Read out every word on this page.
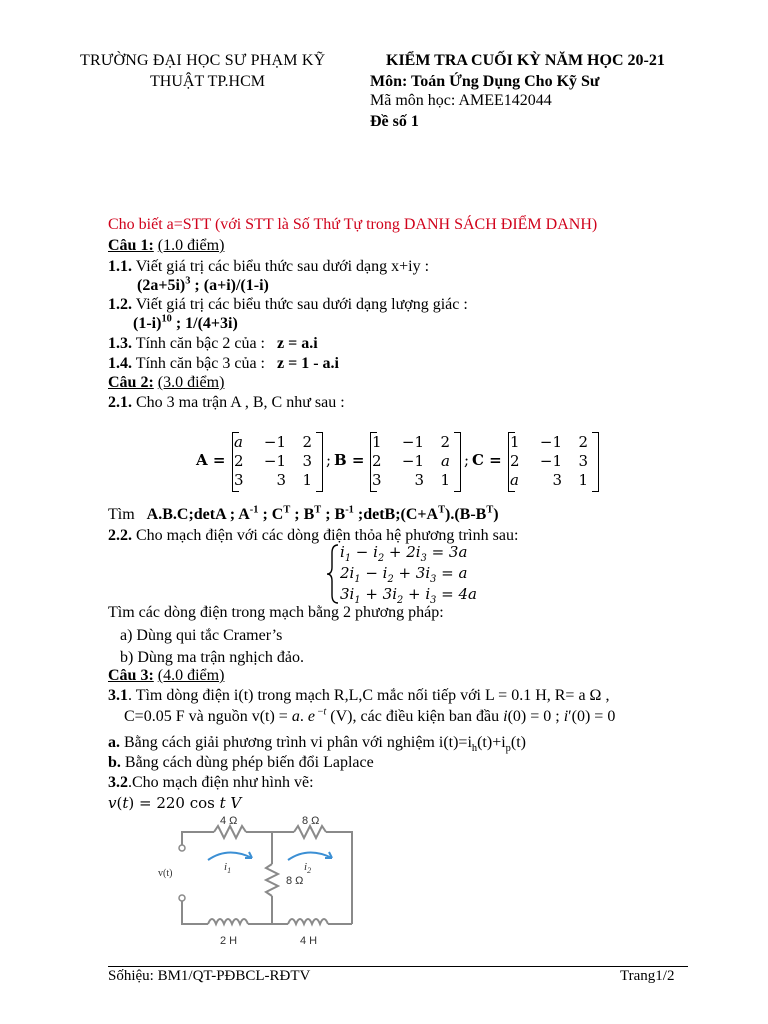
TRƯỜNG ĐẠI HỌC SƯ PHẠM KỸ
THUẬT TP.HCM
KIỂM TRA CUỐI KỲ NĂM HỌC 20-21
Môn: Toán Ứng Dụng Cho Kỹ Sư
Mã môn học: AMEE142044
Đề số 1
Cho biết a=STT (với STT là Số Thứ Tự trong DANH SÁCH ĐIỂM DANH)
Câu 1: (1.0 điểm)
1.1. Viết giá trị các biểu thức sau dưới dạng x+iy :
$(2a+5i)^3$ ; (a+i)/(1-i)
1.2. Viết giá trị các biểu thức sau dưới dạng lượng giác :
$(1-i)^{10}$ ; 1/(4+3i)
1.3. Tính căn bậc 2 của :   z = a.i
1.4. Tính căn bậc 3 của :   z = 1 - a.i
Câu 2: (3.0 điểm)
2.1. Cho 3 ma trận A , B, C như sau :
A =
a	−1	2
2	−1	3
3	3	1
; B =
1	−1	2
2	−1	a
3	3	1
; C =
1	−1	2
2	−1	3
a	3	1
Tìm A.B.C;detA ; $A^{-1}$ ; $C^T$ ; $B^T$ ; $B^{-1}$ $;\det B;(C+A^T).(B-B^T)$
2.2. Cho mạch điện với các dòng điện thỏa hệ phương trình sau:
$i_1 - i_2 + 2i_3 = 3a$
$2i_1 - i_2 + 3i_3 = a$
$3i_1 + 3i_2 + i_3 = 4a$
Tìm các dòng điện trong mạch bằng 2 phương pháp:
a) Dùng qui tắc Cramer’s
b) Dùng ma trận nghịch đảo.
Câu 3: (4.0 điểm)
3.1. Tìm dòng điện i(t) trong mạch R,L,C mắc nối tiếp với L = 0.1 H, R= a Ω ,
C=0.05 F và nguồn v(t) = a. e $^{-t}$ (V), các điều kiện ban đầu i(0) = 0 ; i′(0) = 0
a. Bằng cách giải phương trình vi phân với nghiệm $i(t)=i_h(t)+i_p(t)$
b. Bằng cách dùng phép biến đổi Laplace
3.2.Cho mạch điện như hình vẽ:
v(t) = 220 cos t V
4 Ω	8 Ω
8 Ω
2 H	4 H
v(t)
$i_1$	$i_2$
Sốhiệu: BM1/QT-PĐBCL-RĐTV	Trang1/2
